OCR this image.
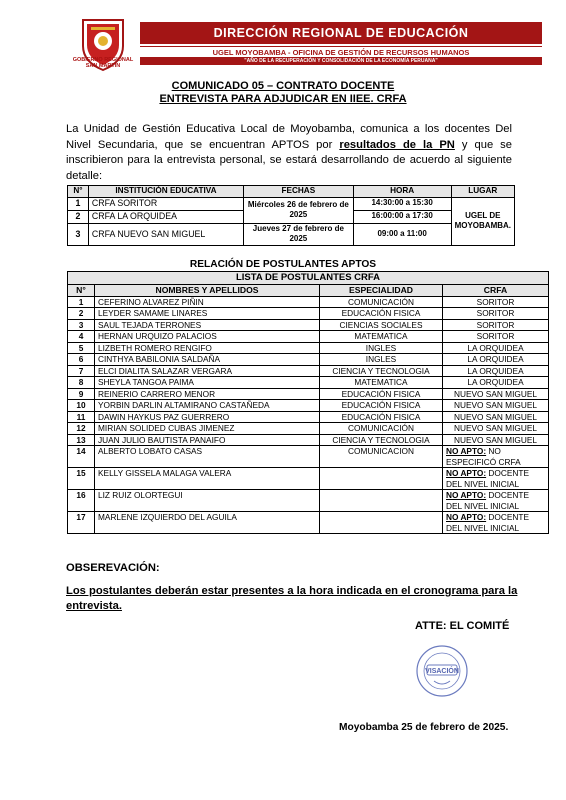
GOBIERNO REGIONAL
SAN MARTÍN
DIRECCIÓN REGIONAL DE EDUCACIÓN
UGEL MOYOBAMBA - OFICINA DE GESTIÓN DE RECURSOS HUMANOS
"AÑO DE LA RECUPERACIÓN Y CONSOLIDACIÓN DE LA ECONOMÍA PERUANA"
COMUNICADO 05 – CONTRATO DOCENTE
ENTREVISTA PARA ADJUDICAR EN IIEE. CRFA
La Unidad de Gestión Educativa Local de Moyobamba, comunica a los docentes Del Nivel Secundaria, que se encuentran APTOS por resultados de la PN y que se inscribieron para la entrevista personal, se estará desarrollando de acuerdo al siguiente detalle:
N°	INSTITUCIÓN EDUCATIVA	FECHAS	HORA	LUGAR
1	CRFA SORITOR	Miércoles 26 de febrero de 2025	14:30:00 a 15:30	UGEL DE MOYOBAMBA.
2	CRFA LA ORQUIDEA		16:00:00 a 17:30	
3	CRFA NUEVO SAN MIGUEL	Jueves 27 de febrero de 2025	09:00 a 11:00	
RELACIÓN DE POSTULANTES APTOS
LISTA DE POSTULANTES CRFA			
N°	NOMBRES Y APELLIDOS	ESPECIALIDAD	CRFA
1	CEFERINO ALVAREZ PIÑIN	COMUNICACIÓN	SORITOR
2	LEYDER SAMAME LINARES	EDUCACIÓN FISICA	SORITOR
3	SAUL TEJADA TERRONES	CIENCIAS SOCIALES	SORITOR
4	HERNAN URQUIZO PALACIOS	MATEMATICA	SORITOR
5	LIZBETH ROMERO RENGIFO	INGLES	LA ORQUIDEA
6	CINTHYA BABILONIA SALDAÑA	INGLES	LA ORQUIDEA
7	ELCI DIALITA SALAZAR VERGARA	CIENCIA Y TECNOLOGIA	LA ORQUIDEA
8	SHEYLA TANGOA PAIMA	MATEMATICA	LA ORQUIDEA
9	REINERIO CARRERO MENOR	EDUCACIÓN FISICA	NUEVO SAN MIGUEL
10	YORBIN DARLIN ALTAMIRANO CASTAÑEDA	EDUCACIÓN FISICA	NUEVO SAN MIGUEL
11	DAWIN HAYKUS PAZ GUERRERO	EDUCACIÓN FISICA	NUEVO SAN MIGUEL
12	MIRIAN SOLIDED CUBAS JIMENEZ	COMUNICACIÓN	NUEVO SAN MIGUEL
13	JUAN JULIO BAUTISTA PANAIFO	CIENCIA Y TECNOLOGIA	NUEVO SAN MIGUEL
14	ALBERTO LOBATO CASAS	COMUNICACION	NO APTO: NO
ESPECIFICÓ CRFA
15	KELLY GISSELA MALAGA VALERA		NO APTO: DOCENTE
DEL NIVEL INICIAL
16	LIZ RUIZ OLORTEGUI		NO APTO: DOCENTE
DEL NIVEL INICIAL
17	MARLENE IZQUIERDO DEL AGUILA		NO APTO: DOCENTE
DEL NIVEL INICIAL
OBSEREVACIÓN:
Los postulantes deberán estar presentes a la hora indicada en el cronograma para la entrevista.
ATTE: EL COMITÉ
VISACIÓN
Moyobamba 25 de febrero de 2025.
